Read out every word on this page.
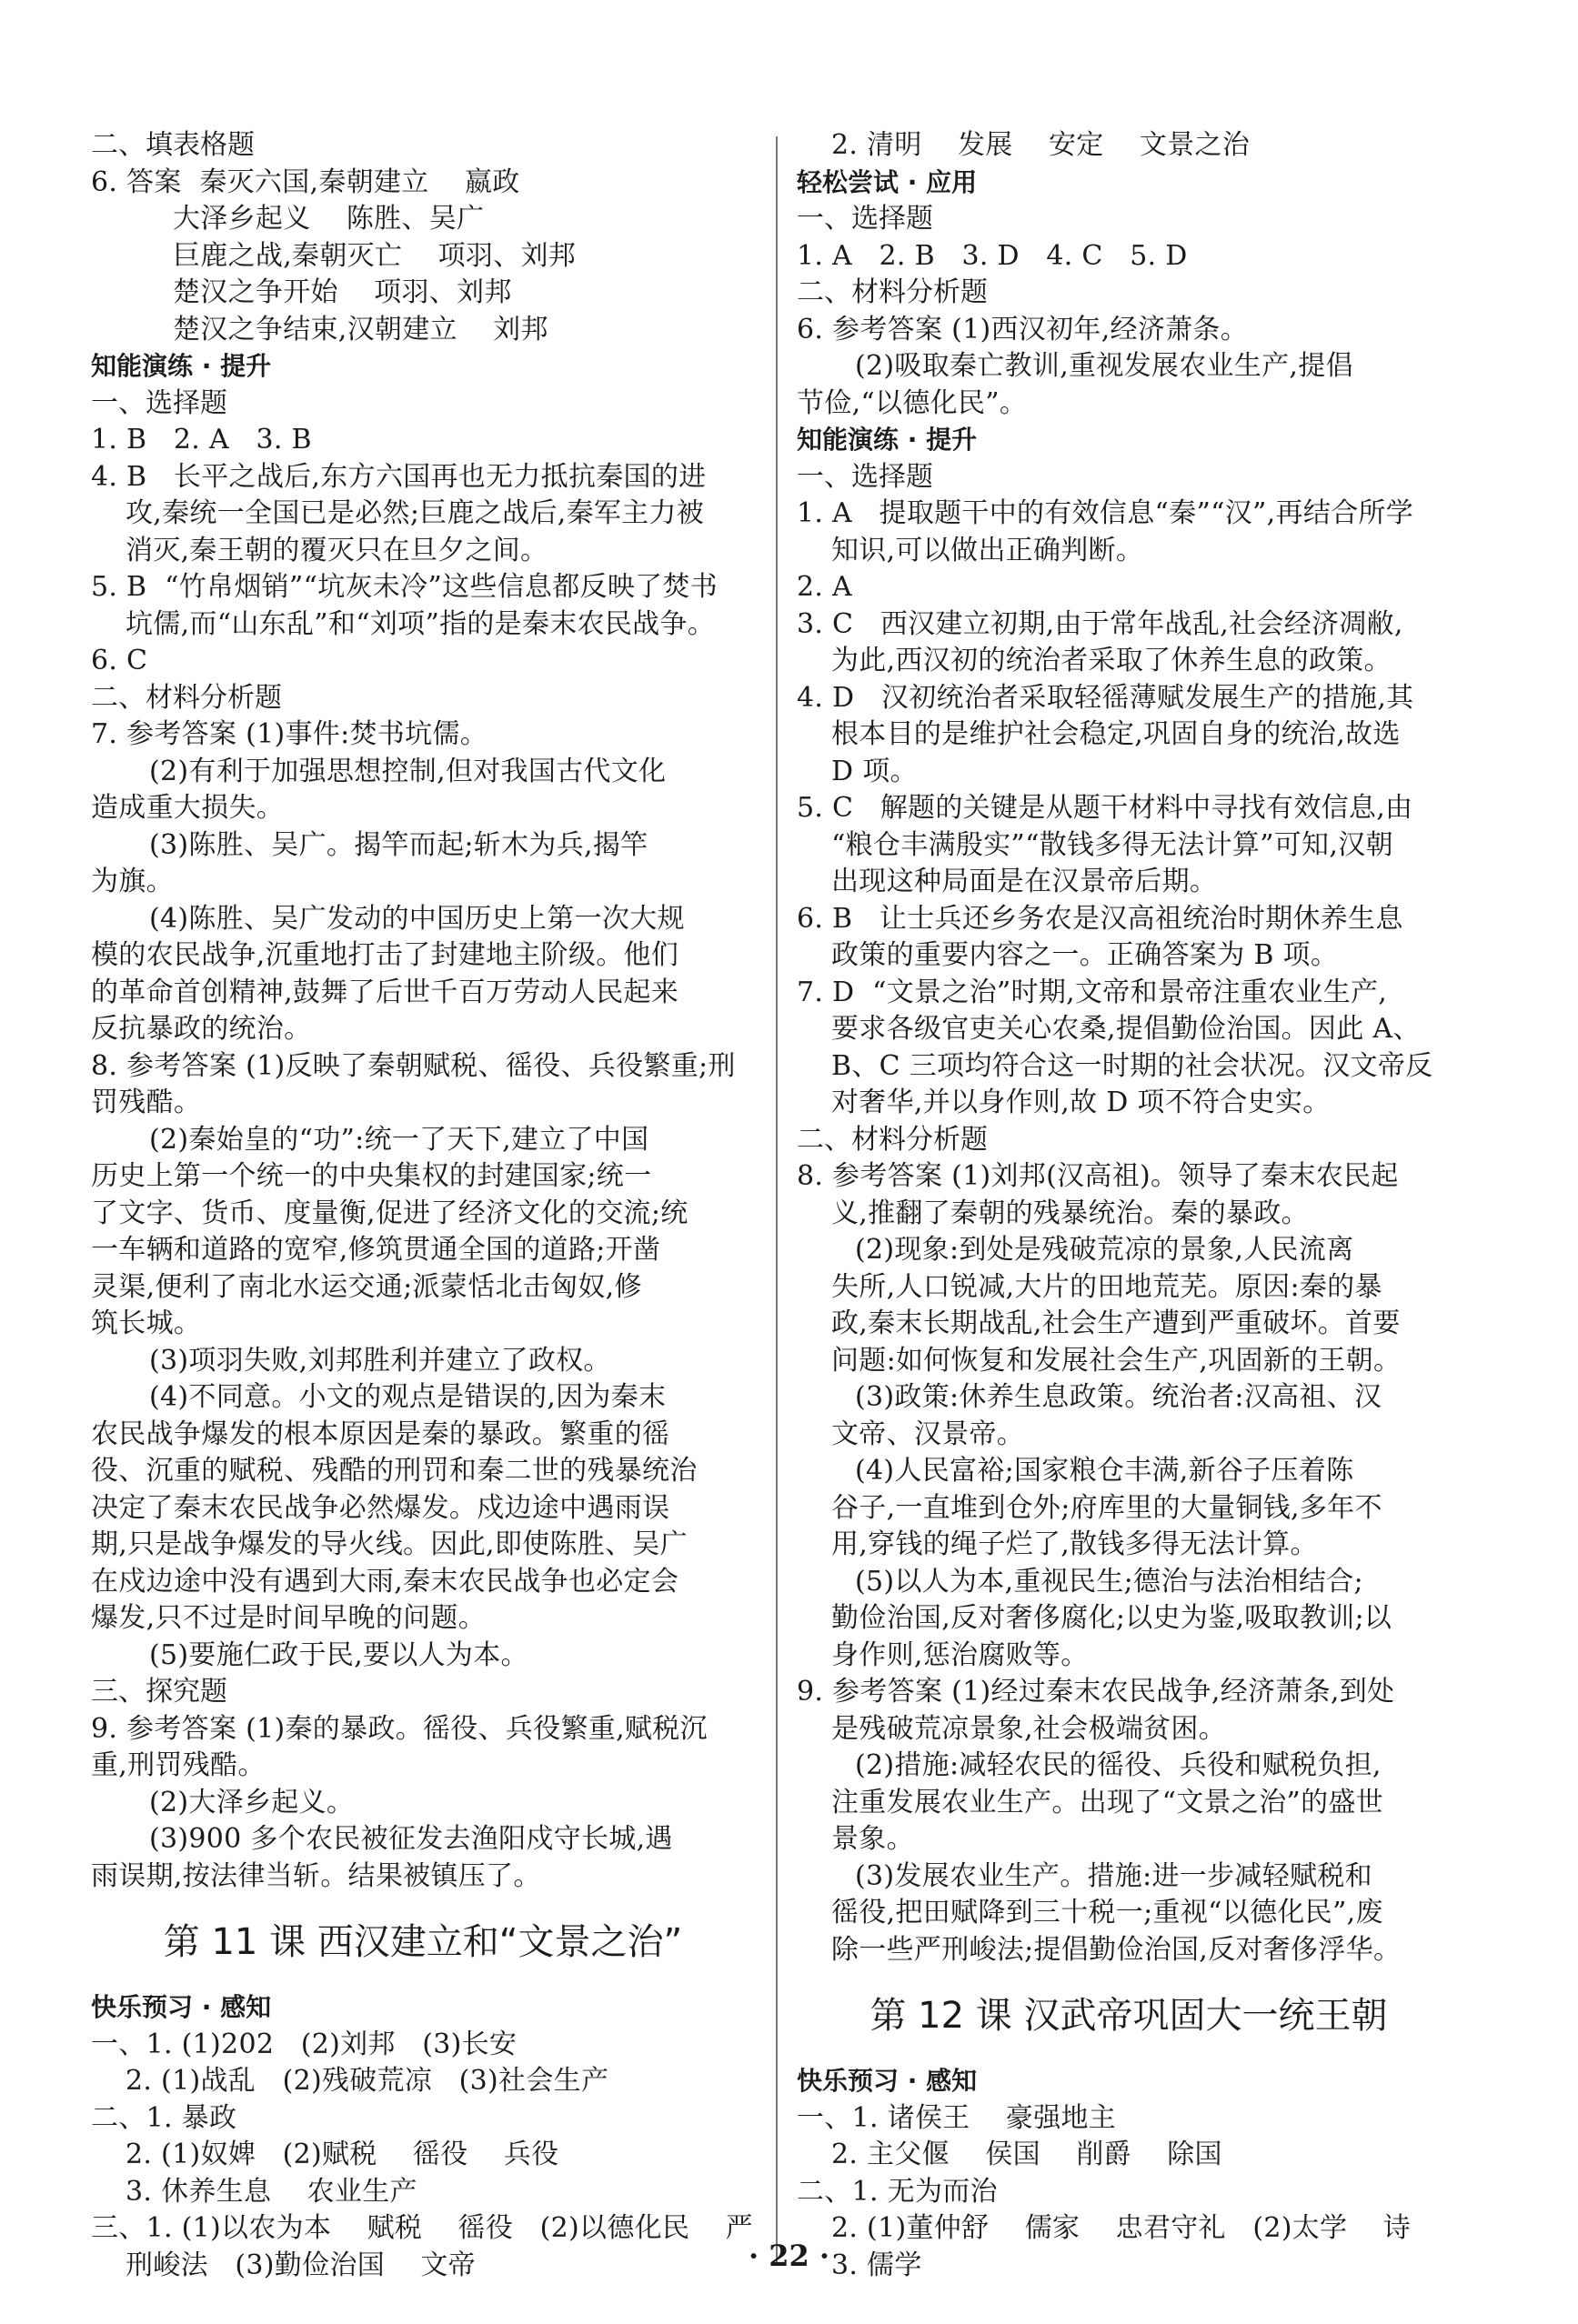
二、填表格题
6. 答案  秦灭六国,秦朝建立    嬴政
大泽乡起义    陈胜、吴广
巨鹿之战,秦朝灭亡    项羽、刘邦
楚汉之争开始    项羽、刘邦
楚汉之争结束,汉朝建立    刘邦
知能演练 · 提升
一、选择题
1. B   2. A   3. B
4. B   长平之战后,东方六国再也无力抵抗秦国的进
攻,秦统一全国已是必然;巨鹿之战后,秦军主力被
消灭,秦王朝的覆灭只在旦夕之间。
5. B  “竹帛烟销”“坑灰未冷”这些信息都反映了焚书
坑儒,而“山东乱”和“刘项”指的是秦末农民战争。
6. C
二、材料分析题
7. 参考答案 (1)事件:焚书坑儒。
(2)有利于加强思想控制,但对我国古代文化
造成重大损失。
(3)陈胜、吴广。揭竿而起;斩木为兵,揭竿
为旗。
(4)陈胜、吴广发动的中国历史上第一次大规
模的农民战争,沉重地打击了封建地主阶级。他们
的革命首创精神,鼓舞了后世千百万劳动人民起来
反抗暴政的统治。
8. 参考答案 (1)反映了秦朝赋税、徭役、兵役繁重;刑
罚残酷。
(2)秦始皇的“功”:统一了天下,建立了中国
历史上第一个统一的中央集权的封建国家;统一
了文字、货币、度量衡,促进了经济文化的交流;统
一车辆和道路的宽窄,修筑贯通全国的道路;开凿
灵渠,便利了南北水运交通;派蒙恬北击匈奴,修
筑长城。
(3)项羽失败,刘邦胜利并建立了政权。
(4)不同意。小文的观点是错误的,因为秦末
农民战争爆发的根本原因是秦的暴政。繁重的徭
役、沉重的赋税、残酷的刑罚和秦二世的残暴统治
决定了秦末农民战争必然爆发。戍边途中遇雨误
期,只是战争爆发的导火线。因此,即使陈胜、吴广
在戍边途中没有遇到大雨,秦末农民战争也必定会
爆发,只不过是时间早晚的问题。
(5)要施仁政于民,要以人为本。
三、探究题
9. 参考答案 (1)秦的暴政。徭役、兵役繁重,赋税沉
重,刑罚残酷。
(2)大泽乡起义。
(3)900 多个农民被征发去渔阳戍守长城,遇
雨误期,按法律当斩。结果被镇压了。
第 11 课 西汉建立和“文景之治”
快乐预习 · 感知
一、1. (1)202   (2)刘邦   (3)长安
2. (1)战乱   (2)残破荒凉   (3)社会生产
二、1. 暴政
2. (1)奴婢   (2)赋税    徭役    兵役
3. 休养生息    农业生产
三、1. (1)以农为本    赋税    徭役   (2)以德化民    严
刑峻法   (3)勤俭治国    文帝
2. 清明    发展    安定    文景之治
轻松尝试 · 应用
一、选择题
1. A   2. B   3. D   4. C   5. D
二、材料分析题
6. 参考答案 (1)西汉初年,经济萧条。
(2)吸取秦亡教训,重视发展农业生产,提倡
节俭,“以德化民”。
知能演练 · 提升
一、选择题
1. A   提取题干中的有效信息“秦”“汉”,再结合所学
知识,可以做出正确判断。
2. A
3. C   西汉建立初期,由于常年战乱,社会经济凋敝,
为此,西汉初的统治者采取了休养生息的政策。
4. D   汉初统治者采取轻徭薄赋发展生产的措施,其
根本目的是维护社会稳定,巩固自身的统治,故选
D 项。
5. C   解题的关键是从题干材料中寻找有效信息,由
“粮仓丰满殷实”“散钱多得无法计算”可知,汉朝
出现这种局面是在汉景帝后期。
6. B   让士兵还乡务农是汉高祖统治时期休养生息
政策的重要内容之一。正确答案为 B 项。
7. D  “文景之治”时期,文帝和景帝注重农业生产,
要求各级官吏关心农桑,提倡勤俭治国。因此 A、
B、C 三项均符合这一时期的社会状况。汉文帝反
对奢华,并以身作则,故 D 项不符合史实。
二、材料分析题
8. 参考答案 (1)刘邦(汉高祖)。领导了秦末农民起
义,推翻了秦朝的残暴统治。秦的暴政。
(2)现象:到处是残破荒凉的景象,人民流离
失所,人口锐减,大片的田地荒芜。原因:秦的暴
政,秦末长期战乱,社会生产遭到严重破坏。首要
问题:如何恢复和发展社会生产,巩固新的王朝。
(3)政策:休养生息政策。统治者:汉高祖、汉
文帝、汉景帝。
(4)人民富裕;国家粮仓丰满,新谷子压着陈
谷子,一直堆到仓外;府库里的大量铜钱,多年不
用,穿钱的绳子烂了,散钱多得无法计算。
(5)以人为本,重视民生;德治与法治相结合;
勤俭治国,反对奢侈腐化;以史为鉴,吸取教训;以
身作则,惩治腐败等。
9. 参考答案 (1)经过秦末农民战争,经济萧条,到处
是残破荒凉景象,社会极端贫困。
(2)措施:减轻农民的徭役、兵役和赋税负担,
注重发展农业生产。出现了“文景之治”的盛世
景象。
(3)发展农业生产。措施:进一步减轻赋税和
徭役,把田赋降到三十税一;重视“以德化民”,废
除一些严刑峻法;提倡勤俭治国,反对奢侈浮华。
第 12 课 汉武帝巩固大一统王朝
快乐预习 · 感知
一、1. 诸侯王    豪强地主
2. 主父偃    侯国    削爵    除国
二、1. 无为而治
2. (1)董仲舒    儒家    忠君守礼   (2)太学    诗
3. 儒学
· 22 ·
